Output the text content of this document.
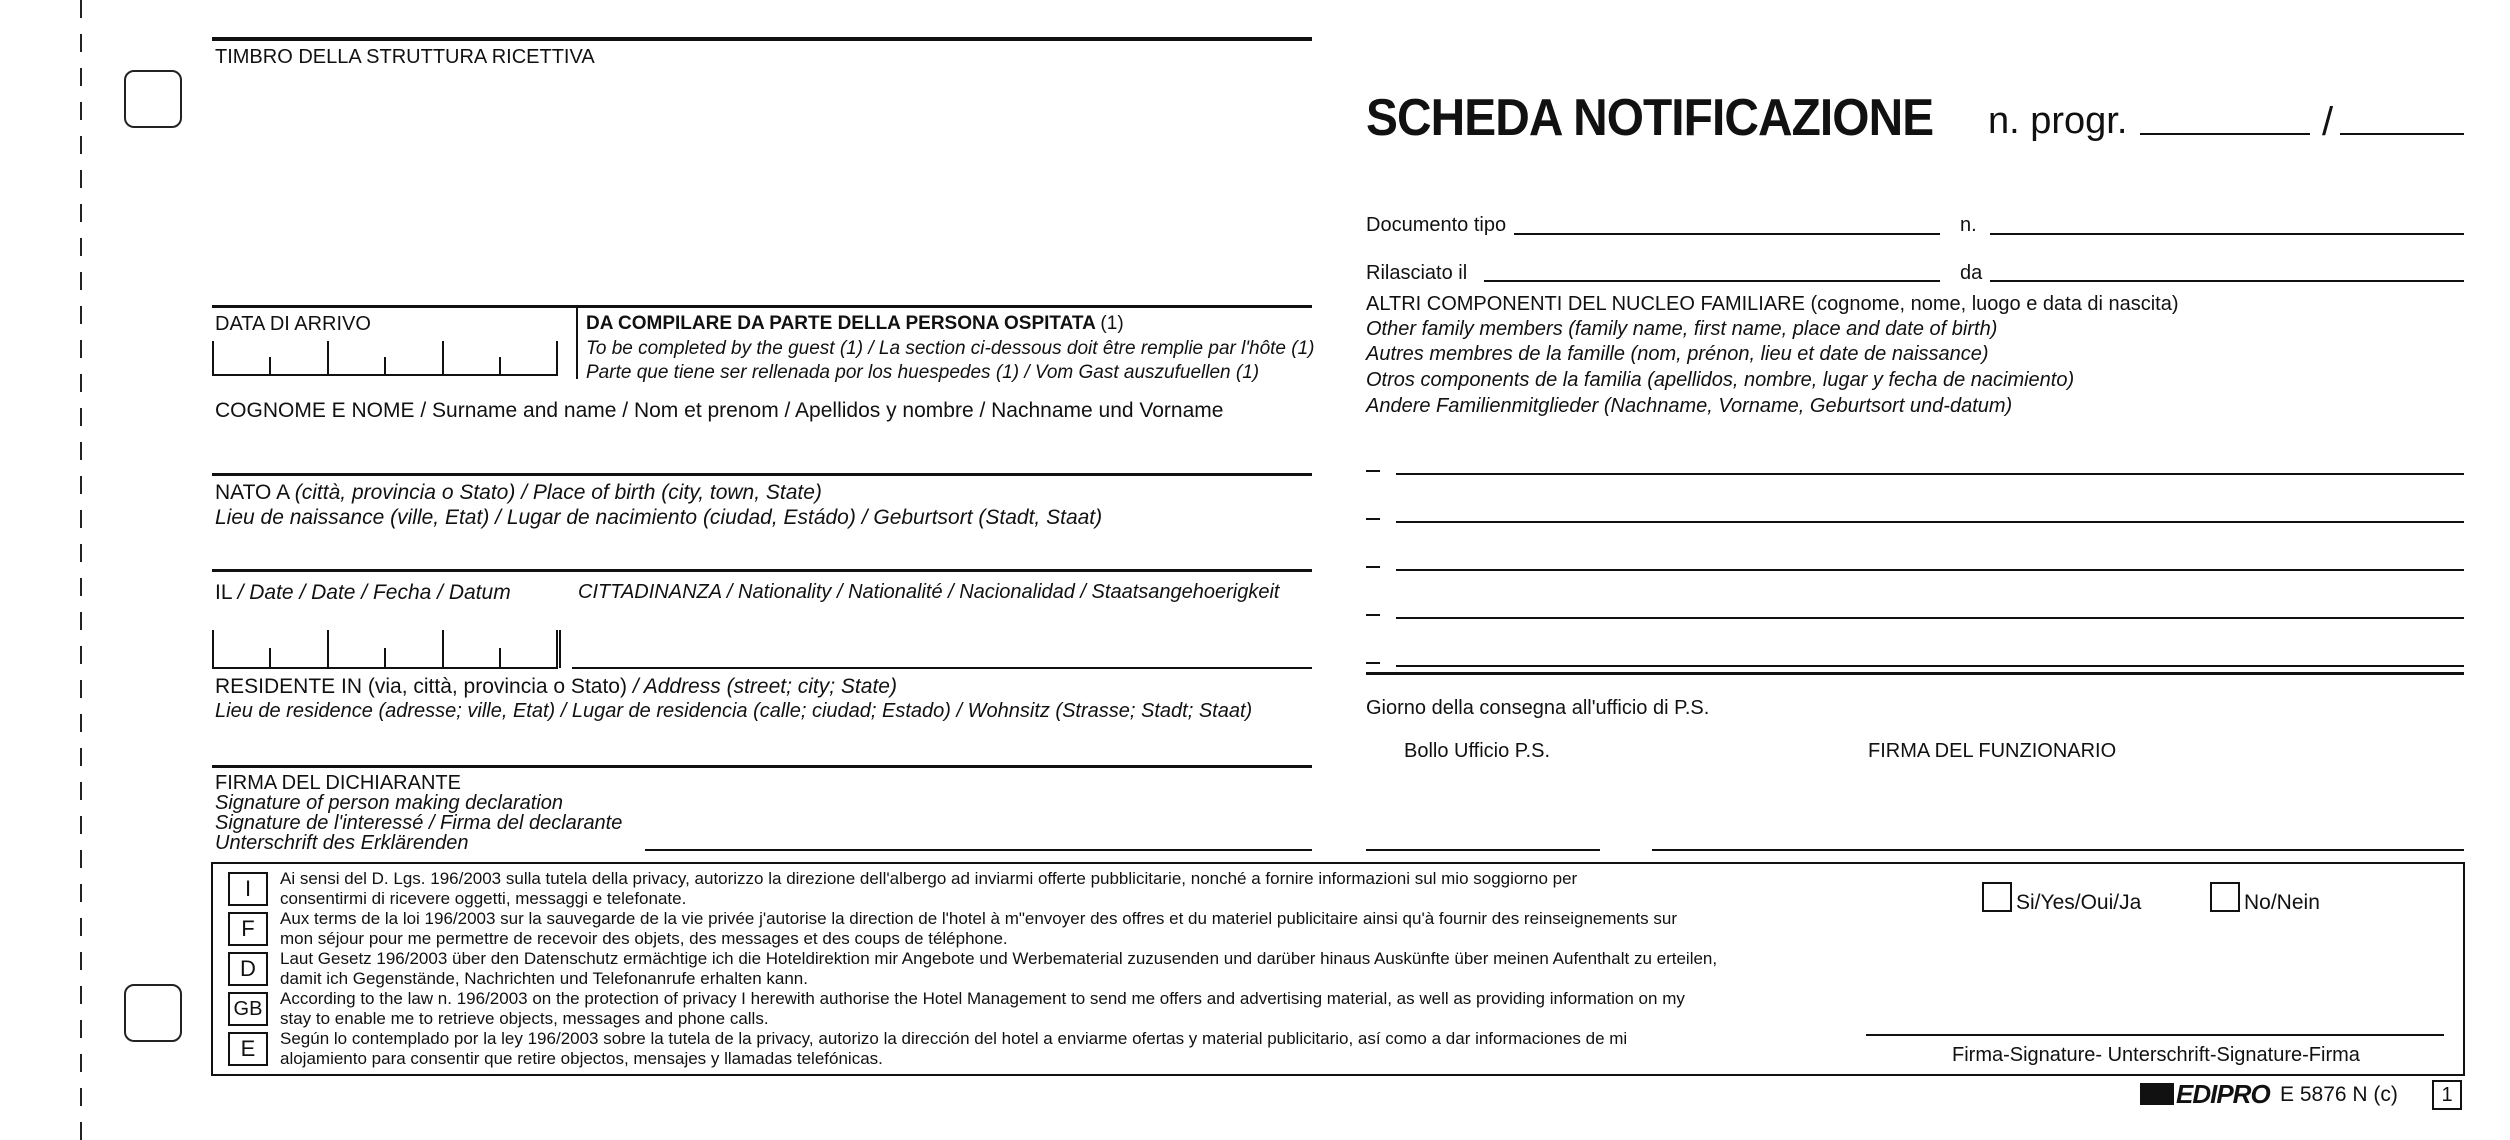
TIMBRO DELLA STRUTTURA RICETTIVA
DATA DI ARRIVO	DA COMPILARE DA PARTE DELLA PERSONA OSPITATA (1)
To be completed by the guest (1) / La section ci-dessous doit être remplie par l'hôte (1)
Parte que tiene ser rellenada por los huespedes (1) / Vom Gast auszufuellen (1)
COGNOME E NOME / Surname and name / Nom et prenom / Apellidos y nombre / Nachname und Vorname
NATO A (città, provincia o Stato) / Place of birth (city, town, State)
Lieu de naissance (ville, Etat) / Lugar de nacimiento (ciudad, Estádo) / Geburtsort (Stadt, Staat)
IL / Date / Date / Fecha / Datum	CITTADINANZA / Nationality / Nationalité / Nacionalidad / Staatsangehoerigkeit
RESIDENTE IN (via, città, provincia o Stato) / Address (street; city; State)
Lieu de residence (adresse; ville, Etat) / Lugar de residencia (calle; ciudad; Estado) / Wohnsitz (Strasse; Stadt; Staat)
FIRMA DEL DICHIARANTE
Signature of person making declaration
Signature de l'interessé / Firma del declarante
Unterschrift des Erklärenden
SCHEDA NOTIFICAZIONE n. progr.	/
Documento tipo	n.
Rilasciato il	da
ALTRI COMPONENTI DEL NUCLEO FAMILIARE (cognome, nome, luogo e data di nascita)
Other family members (family name, first name, place and date of birth)
Autres membres de la famille (nom, prénon, lieu et date de naissance)
Otros components de la familia (apellidos, nombre, lugar y fecha de nacimiento)
Andere Familienmitglieder (Nachname, Vorname, Geburtsort und-datum)
Giorno della consegna all'ufficio di P.S.
Bollo Ufficio P.S.	FIRMA DEL FUNZIONARIO
I	Ai sensi del D. Lgs. 196/2003 sulla tutela della privacy, autorizzo la direzione dell'albergo ad inviarmi offerte pubblicitarie, nonché a fornire informazioni sul mio soggiorno per
consentirmi di ricevere oggetti, messaggi e telefonate.
F	Aux terms de la loi 196/2003 sur la sauvegarde de la vie privée j'autorise la direction de l'hotel à m"envoyer des offres et du materiel publicitaire ainsi qu'à fournir des reinseignements sur
mon séjour pour me permettre de recevoir des objets, des messages et des coups de téléphone.
D	Laut Gesetz 196/2003 über den Datenschutz ermächtige ich die Hoteldirektion mir Angebote und Werbematerial zuzusenden und darüber hinaus Auskünfte über meinen Aufenthalt zu erteilen,
damit ich Gegenstände, Nachrichten und Telefonanrufe erhalten kann.
GB	According to the law n. 196/2003 on the protection of privacy I herewith authorise the Hotel Management to send me offers and advertising material, as well as providing information on my
stay to enable me to retrieve objects, messages and phone calls.
E	Según lo contemplado por la ley 196/2003 sobre la tutela de la privacy, autorizo la dirección del hotel a enviarme ofertas y material publicitario, así como a dar informaciones de mi
alojamiento para consentir que retire objectos, mensajes y llamadas telefónicas.
Si/Yes/Oui/Ja	No/Nein
Firma-Signature- Unterschrift-Signature-Firma
EDIPRO E 5876 N (c)	1
